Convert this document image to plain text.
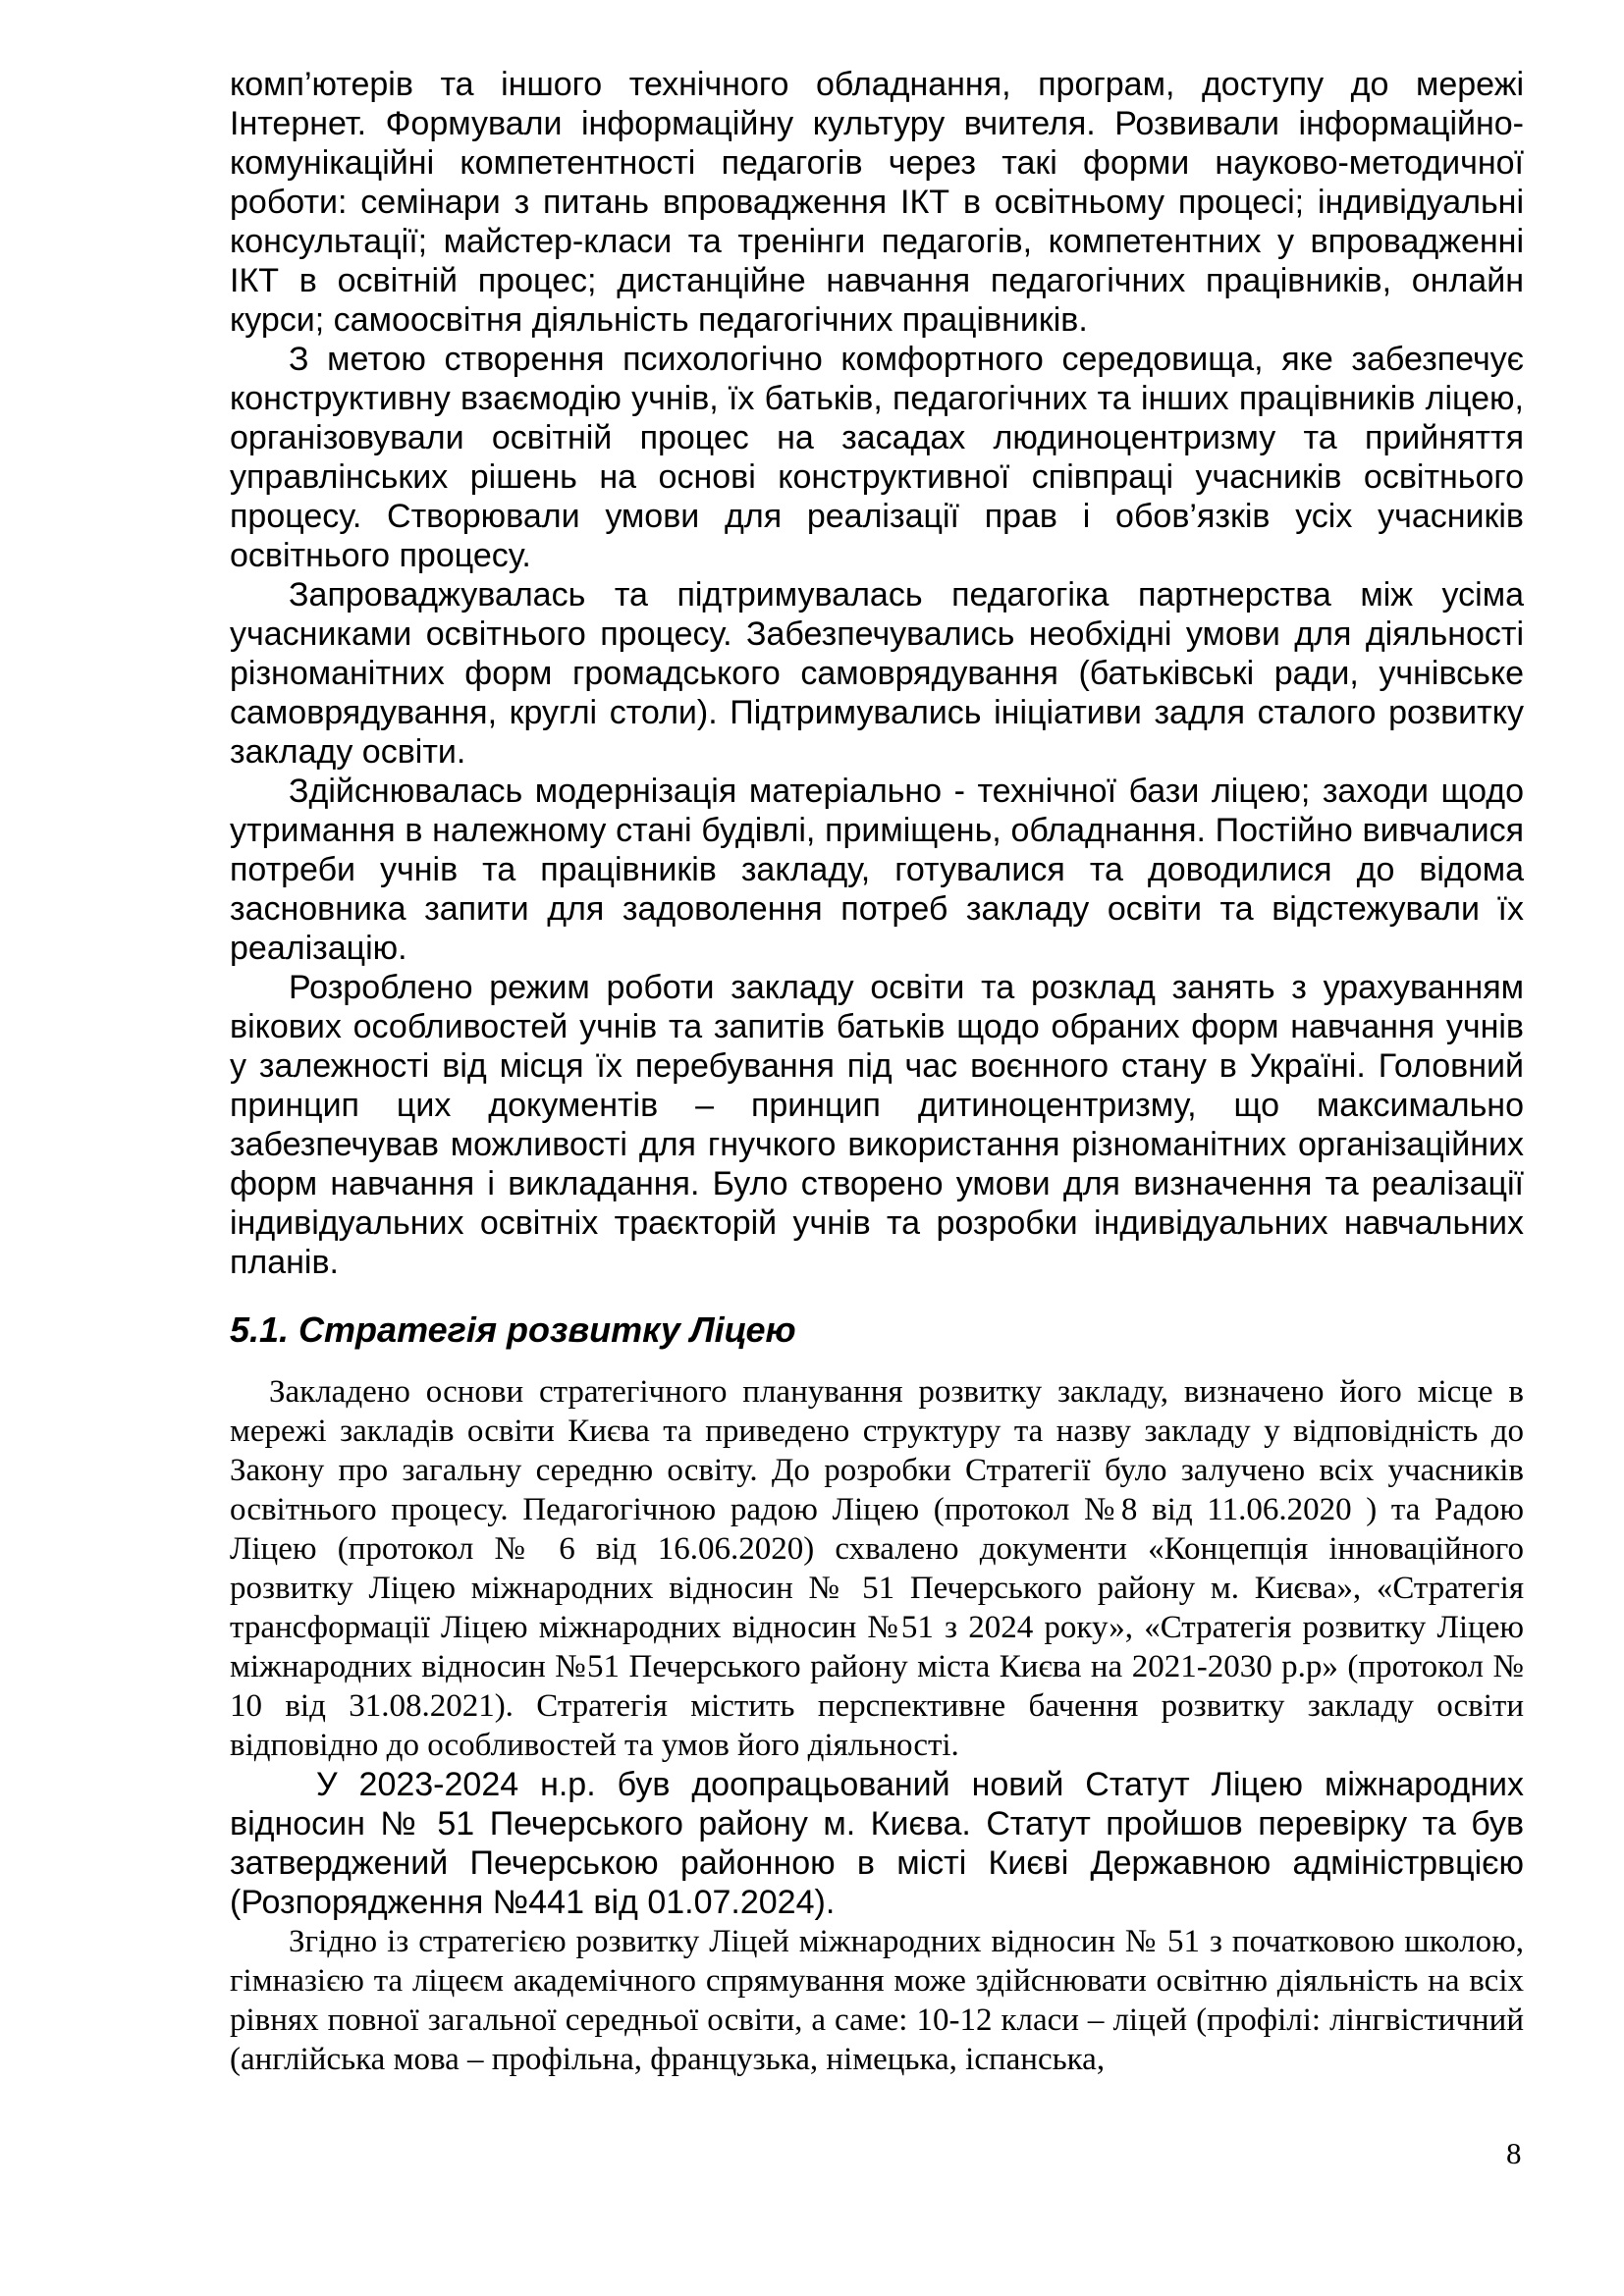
комп’ютерів та іншого технічного обладнання, програм, доступу до мережі Інтернет. Формували інформаційну культуру вчителя. Розвивали інформаційно-комунікаційні компетентності педагогів через такі форми науково-методичної роботи: семінари з питань впровадження ІКТ в освітньому процесі; індивідуальні консультації; майстер-класи та тренінги педагогів, компетентних у впровадженні ІКТ в освітній процес; дистанційне навчання педагогічних працівників, онлайн курси; самоосвітня діяльність педагогічних працівників.

З метою створення психологічно комфортного середовища, яке забезпечує конструктивну взаємодію учнів, їх батьків, педагогічних та інших працівників ліцею, організовували освітній процес на засадах людиноцентризму та прийняття управлінських рішень на основі конструктивної співпраці учасників освітнього процесу. Створювали умови для реалізації прав і обов’язків усіх учасників освітнього процесу.

Запроваджувалась та підтримувалась педагогіка партнерства між усіма учасниками освітнього процесу. Забезпечувались необхідні умови для діяльності різноманітних форм громадського самоврядування (батьківські ради, учнівське самоврядування, круглі столи). Підтримувались ініціативи задля сталого розвитку закладу освіти.

Здійснювалась модернізація матеріально - технічної бази ліцею; заходи щодо утримання в належному стані будівлі, приміщень, обладнання. Постійно вивчалися потреби учнів та працівників закладу, готувалися та доводилися до відома засновника запити для задоволення потреб закладу освіти та відстежували їх реалізацію.

Розроблено режим роботи закладу освіти та розклад занять з урахуванням вікових особливостей учнів та запитів батьків щодо обраних форм навчання учнів у залежності від місця їх перебування під час воєнного стану в Україні. Головний принцип цих документів – принцип дитиноцентризму, що максимально забезпечував можливості для гнучкого використання різноманітних організаційних форм навчання і викладання. Було створено умови для визначення та реалізації індивідуальних освітніх траєкторій учнів та розробки індивідуальних навчальних планів.

5.1. Стратегія розвитку Ліцею

Закладено основи стратегічного планування розвитку закладу, визначено його місце в мережі закладів освіти Києва та приведено структуру та назву закладу у відповідність до Закону про загальну середню освіту. До розробки Стратегії було залучено всіх учасників освітнього процесу. Педагогічною радою Ліцею (протокол №8 від 11.06.2020 ) та Радою Ліцею (протокол № 6 від 16.06.2020) схвалено документи «Концепція інноваційного розвитку Ліцею міжнародних відносин № 51 Печерського району м. Києва», «Стратегія трансформації Ліцею міжнародних відносин №51 з 2024 року», «Стратегія розвитку Ліцею міжнародних відносин №51 Печерського району міста Києва на 2021-2030 р.р» (протокол № 10 від 31.08.2021). Стратегія містить перспективне бачення розвитку закладу освіти відповідно до особливостей та умов його діяльності.

У 2023-2024 н.р. був доопрацьований новий Статут Ліцею міжнародних відносин № 51 Печерського району м. Києва. Статут пройшов перевірку та був затверджений Печерською районною в місті Києві Державною адміністрвцією (Розпорядження №441 від 01.07.2024).

Згідно із стратегією розвитку Ліцей міжнародних відносин № 51 з початковою школою, гімназією та ліцеєм академічного спрямування може здійснювати освітню діяльність на всіх рівнях повної загальної середньої освіти, а саме: 10-12 класи – ліцей (профілі: лінгвістичний (англійська мова – профільна, французька, німецька, іспанська,

8
